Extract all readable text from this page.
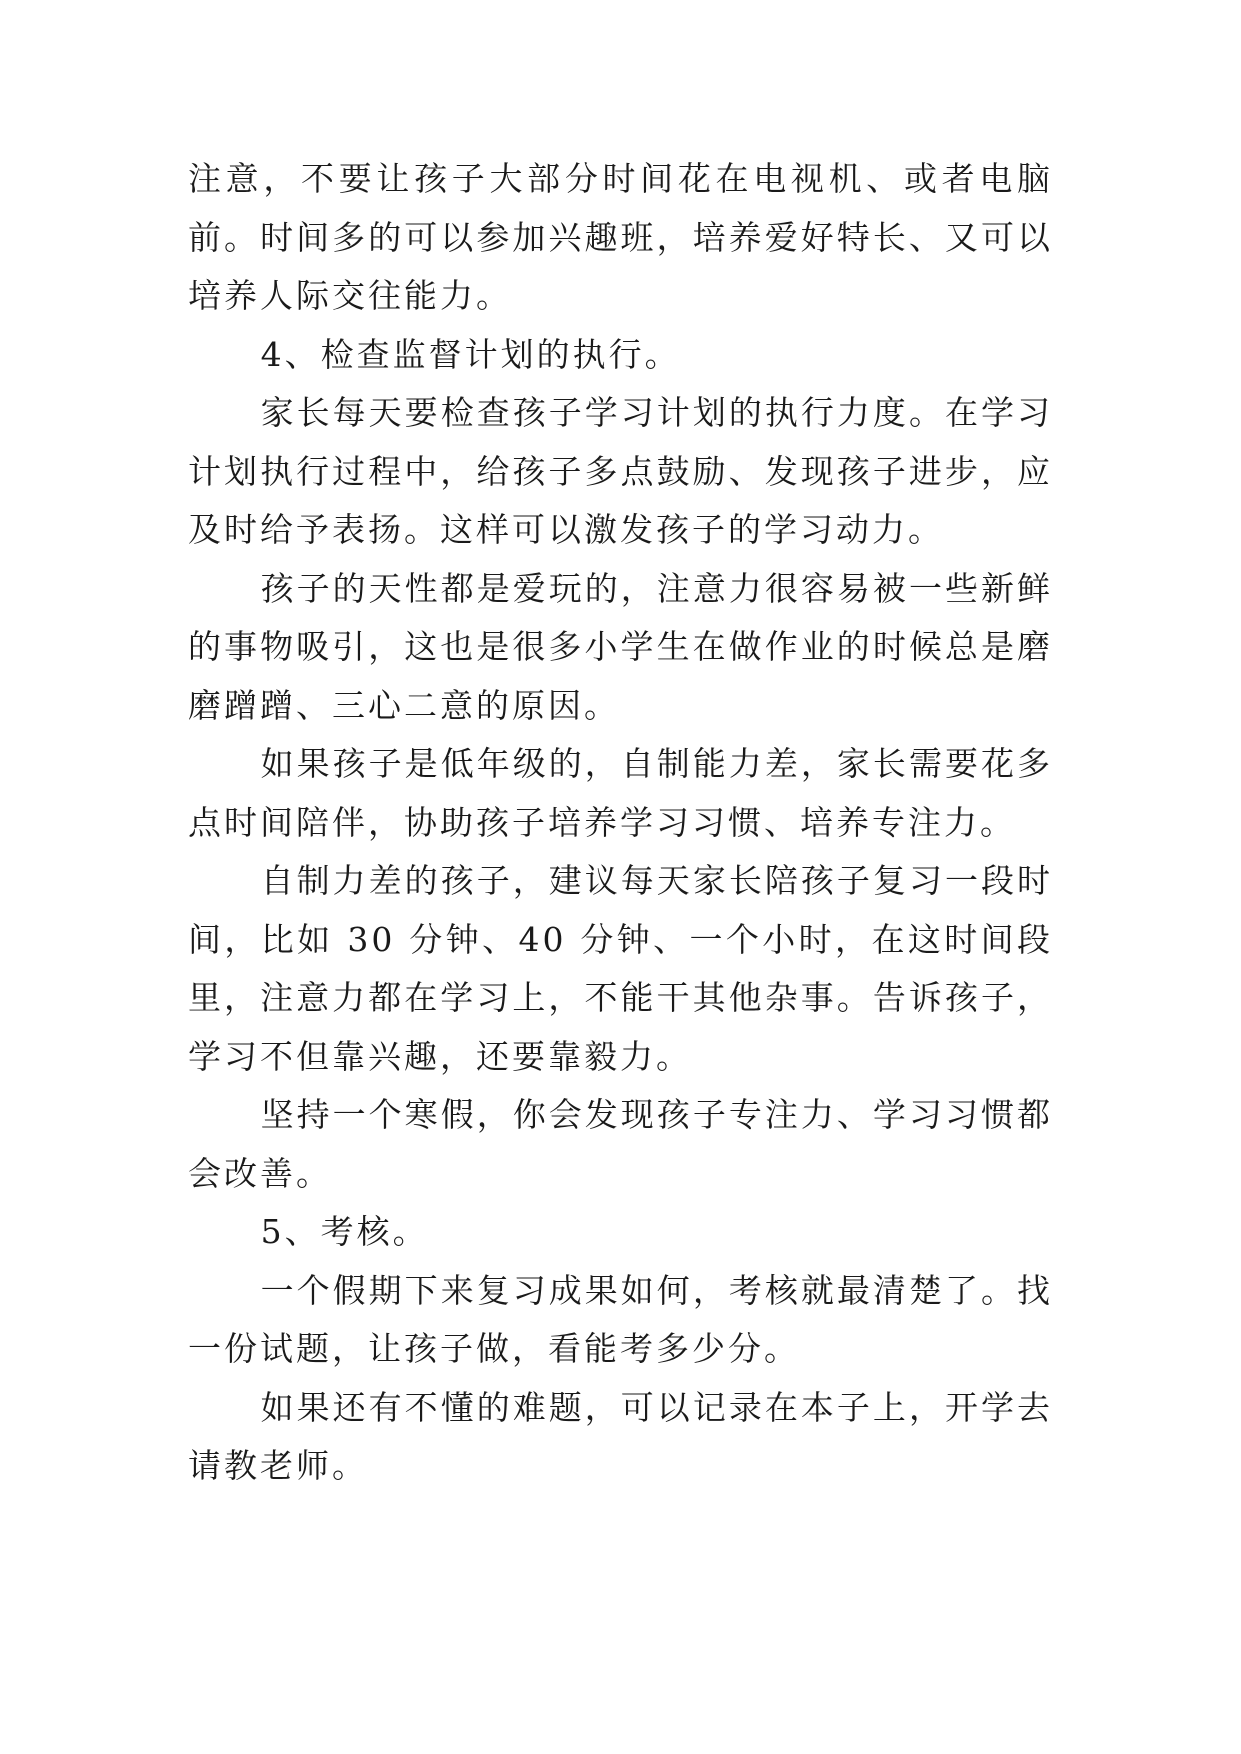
注意，不要让孩子大部分时间花在电视机、或者电脑前。时间多的可以参加兴趣班，培养爱好特长、又可以培养人际交往能力。

4、检查监督计划的执行。

家长每天要检查孩子学习计划的执行力度。在学习计划执行过程中，给孩子多点鼓励、发现孩子进步，应及时给予表扬。这样可以激发孩子的学习动力。

孩子的天性都是爱玩的，注意力很容易被一些新鲜的事物吸引，这也是很多小学生在做作业的时候总是磨磨蹭蹭、三心二意的原因。

如果孩子是低年级的，自制能力差，家长需要花多点时间陪伴，协助孩子培养学习习惯、培养专注力。

自制力差的孩子，建议每天家长陪孩子复习一段时间，比如 30 分钟、40 分钟、一个小时，在这时间段里，注意力都在学习上，不能干其他杂事。告诉孩子，学习不但靠兴趣，还要靠毅力。

坚持一个寒假，你会发现孩子专注力、学习习惯都会改善。

5、考核。

一个假期下来复习成果如何，考核就最清楚了。找一份试题，让孩子做，看能考多少分。

如果还有不懂的难题，可以记录在本子上，开学去请教老师。
